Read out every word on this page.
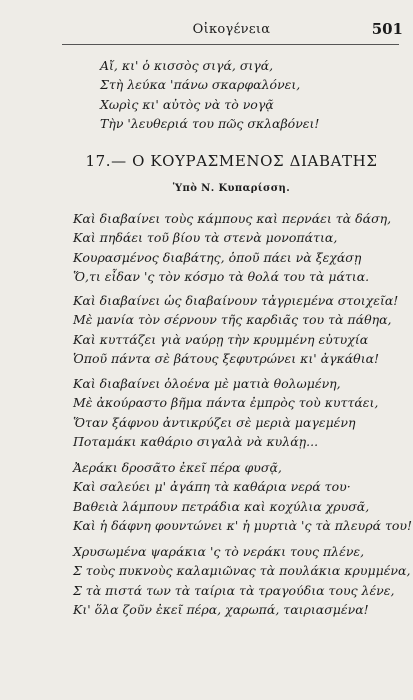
Οἰκογένεια	501
Αἴ, κι' ὁ κισσὸς σιγά, σιγά,
Στὴ λεύκα 'πάνω σκαρφαλόνει,
Χωρὶς κι' αὐτὸς νὰ τὸ νογᾷ
Τὴν 'λευθεριά του πῶς σκλαβόνει!
17.— Ο ΚΟΥΡΑΣΜΕΝΟΣ ΔΙΑΒΑΤΗΣ
Ὑπὸ Ν. Κυπαρίσση.
Καὶ διαβαίνει τοὺς κάμπους καὶ περνάει τὰ δάση,
Καὶ πηδάει τοῦ βίου τὰ στενὰ μονοπάτια,
Κουρασμένος διαβάτης, ὁποῦ πάει νὰ ξεχάσῃ
Ὅ,τι εἶδαν 'ς τὸν κόσμο τὰ θολά του τὰ μάτια.
Καὶ διαβαίνει ὡς διαβαίνουν τἀγριεμένα στοιχεῖα!
Μὲ μανία τὸν σέρνουν τῆς καρδιᾶς του τὰ πάθηα,
Καὶ κυττάζει γιὰ ναύρῃ τὴν κρυμμένη εὐτυχία
Ὁποῦ πάντα σὲ βάτους ξεφυτρώνει κι' ἀγκάθια!
Καὶ διαβαίνει ὁλοένα μὲ ματιὰ θολωμένη,
Μὲ ἀκούραστο βῆμα πάντα ἐμπρὸς τοὺ κυττάει,
Ὅταν ξάφνου ἀντικρύζει σὲ μεριὰ μαγεμένη
Ποταμάκι καθάριο σιγαλὰ νὰ κυλάῃ...
Ἀεράκι δροσᾶτο ἐκεῖ πέρα φυσᾷ,
Καὶ σαλεύει μ' ἀγάπη τὰ καθάρια νερά του·
Βαθειὰ λάμπουν πετράδια καὶ κοχύλια χρυσᾶ,
Καὶ ἡ δάφνη φουντώνει κ' ἡ μυρτιὰ 'ς τὰ πλευρά του!
Χρυσωμένα ψαράκια 'ς τὸ νεράκι τους πλένε,
Σ τοὺς πυκνοὺς καλαμιῶνας τὰ πουλάκια κρυμμένα,
Σ τὰ πιστά των τὰ ταίρια τὰ τραγούδια τους λένε,
Κι' ὅλα ζοῦν ἐκεῖ πέρα, χαρωπά, ταιριασμένα!
